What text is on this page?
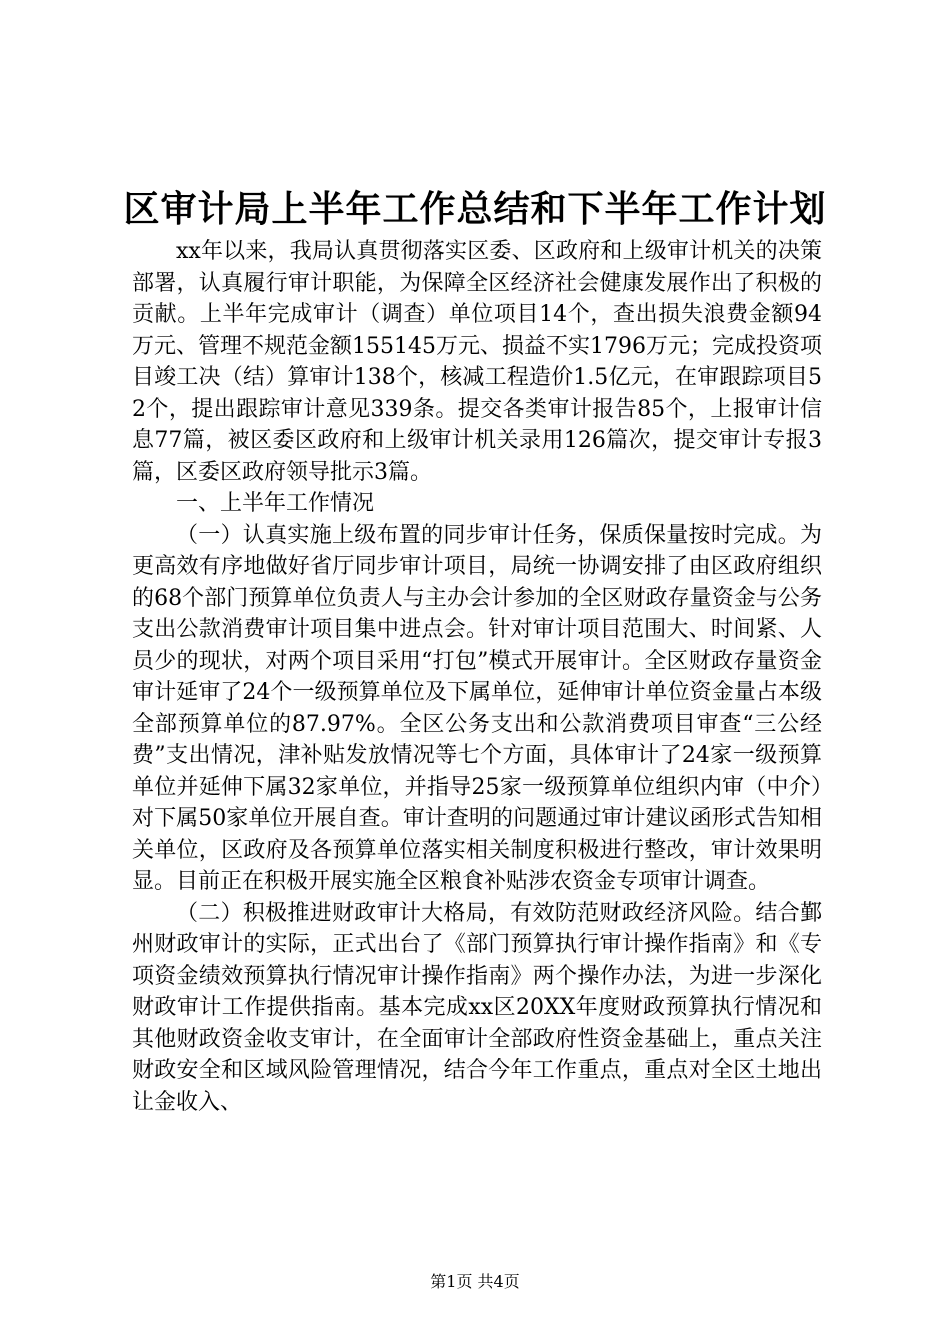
区审计局上半年工作总结和下半年工作计划

xx年以来，我局认真贯彻落实区委、区政府和上级审计机关的决策部署，认真履行审计职能，为保障全区经济社会健康发展作出了积极的贡献。上半年完成审计（调查）单位项目14个，查出损失浪费金额94万元、管理不规范金额155145万元、损益不实1796万元；完成投资项目竣工决（结）算审计138个，核减工程造价1.5亿元，在审跟踪项目52个，提出跟踪审计意见339条。提交各类审计报告85个，上报审计信息77篇，被区委区政府和上级审计机关录用126篇次，提交审计专报3篇，区委区政府领导批示3篇。

一、上半年工作情况

（一）认真实施上级布置的同步审计任务，保质保量按时完成。为更高效有序地做好省厅同步审计项目，局统一协调安排了由区政府组织的68个部门预算单位负责人与主办会计参加的全区财政存量资金与公务支出公款消费审计项目集中进点会。针对审计项目范围大、时间紧、人员少的现状，对两个项目采用“打包”模式开展审计。全区财政存量资金审计延审了24个一级预算单位及下属单位，延伸审计单位资金量占本级全部预算单位的87.97%。全区公务支出和公款消费项目审查“三公经费”支出情况，津补贴发放情况等七个方面，具体审计了24家一级预算单位并延伸下属32家单位，并指导25家一级预算单位组织内审（中介）对下属50家单位开展自查。审计查明的问题通过审计建议函形式告知相关单位，区政府及各预算单位落实相关制度积极进行整改，审计效果明显。目前正在积极开展实施全区粮食补贴涉农资金专项审计调查。

（二）积极推进财政审计大格局，有效防范财政经济风险。结合鄞州财政审计的实际，正式出台了《部门预算执行审计操作指南》和《专项资金绩效预算执行情况审计操作指南》两个操作办法，为进一步深化财政审计工作提供指南。基本完成xx区20XX年度财政预算执行情况和其他财政资金收支审计，在全面审计全部政府性资金基础上，重点关注财政安全和区域风险管理情况，结合今年工作重点，重点对全区土地出让金收入、

第1页 共4页
